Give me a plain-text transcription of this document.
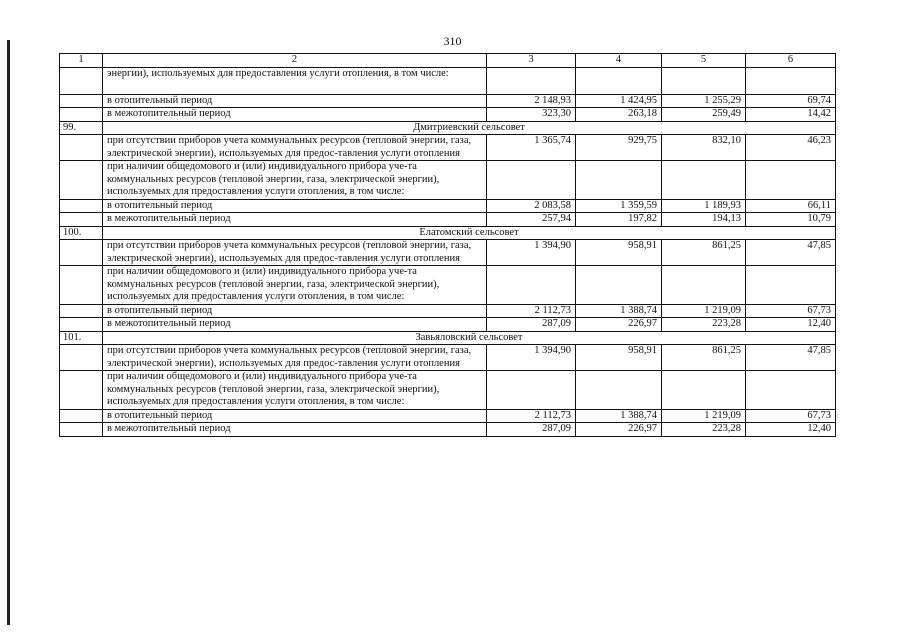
310
1	2	3	4	5	6
	энергии), используемых для предоставления услуги отопления, в том числе:				
	в отопительный период	2 148,93	1 424,95	1 255,29	69,74
	в межотопительный период	323,30	263,18	259,49	14,42
99.	Дмитриевский сельсовет				
	при отсутствии приборов учета коммунальных ресурсов (тепловой энергии, газа, электрической энергии), используемых для предос-тавления услуги отопления	1 365,74	929,75	832,10	46,23
	при наличии общедомового и (или) индивидуального прибора уче-та коммунальных ресурсов (тепловой энергии, газа, электрической энергии), используемых для предоставления услуги отопления, в том числе:				
	в отопительный период	2 083,58	1 359,59	1 189,93	66,11
	в межотопительный период	257,94	197,82	194,13	10,79
100.	Елатомский сельсовет				
	при отсутствии приборов учета коммунальных ресурсов (тепловой энергии, газа, электрической энергии), используемых для предос-тавления услуги отопления	1 394,90	958,91	861,25	47,85
	при наличии общедомового и (или) индивидуального прибора уче-та коммунальных ресурсов (тепловой энергии, газа, электрической энергии), используемых для предоставления услуги отопления, в том числе:				
	в отопительный период	2 112,73	1 388,74	1 219,09	67,73
	в межотопительный период	287,09	226,97	223,28	12,40
101.	Завьяловский сельсовет				
	при отсутствии приборов учета коммунальных ресурсов (тепловой энергии, газа, электрической энергии), используемых для предос-тавления услуги отопления	1 394,90	958,91	861,25	47,85
	при наличии общедомового и (или) индивидуального прибора уче-та коммунальных ресурсов (тепловой энергии, газа, электрической энергии), используемых для предоставления услуги отопления, в том числе:				
	в отопительный период	2 112,73	1 388,74	1 219,09	67,73
	в межотопительный период	287,09	226,97	223,28	12,40
